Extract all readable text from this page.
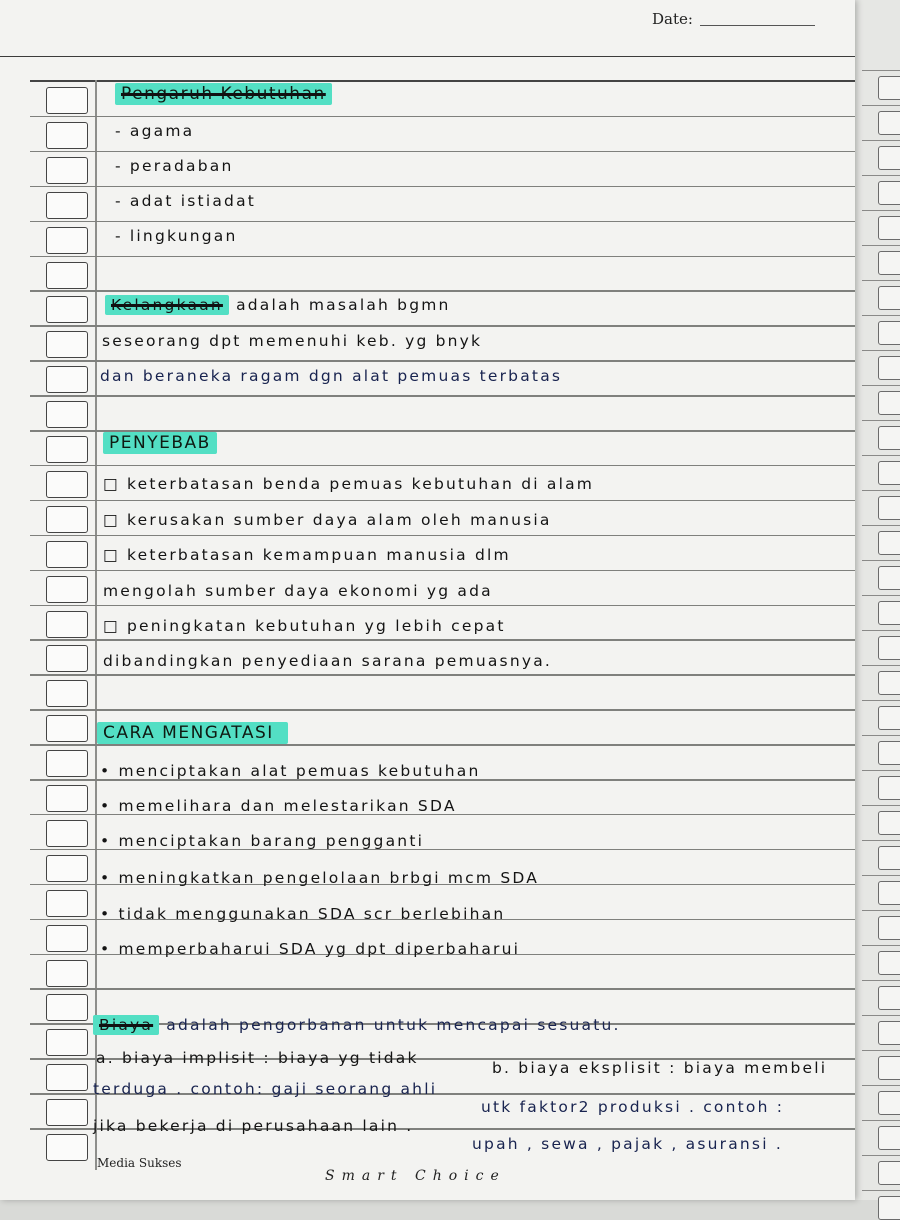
Date:
Pengaruh Kebutuhan
- agama
- peradaban
- adat istiadat
- lingkungan
Kelangkaan adalah masalah bgmn
seseorang dpt memenuhi keb. yg bnyk
dan beraneka ragam dgn alat pemuas terbatas
PENYEBAB
□ keterbatasan benda pemuas kebutuhan di alam
□ kerusakan sumber daya alam oleh manusia
□ keterbatasan kemampuan manusia dlm
mengolah sumber daya ekonomi yg ada
□ peningkatan kebutuhan yg lebih cepat
dibandingkan penyediaan sarana pemuasnya.
CARA MENGATASI
• menciptakan alat pemuas kebutuhan
• memelihara dan melestarikan SDA
• menciptakan barang pengganti
• meningkatkan pengelolaan brbgi mcm SDA
• tidak menggunakan SDA scr berlebihan
• memperbaharui SDA yg dpt diperbaharui
Biaya adalah pengorbanan untuk mencapai sesuatu.
a. biaya implisit : biaya yg tidak
terduga . contoh: gaji seorang ahli
jika bekerja di perusahaan lain .
b. biaya eksplisit : biaya membeli
utk faktor2 produksi . contoh :
upah , sewa , pajak , asuransi .
Media Sukses
Smart Choice
